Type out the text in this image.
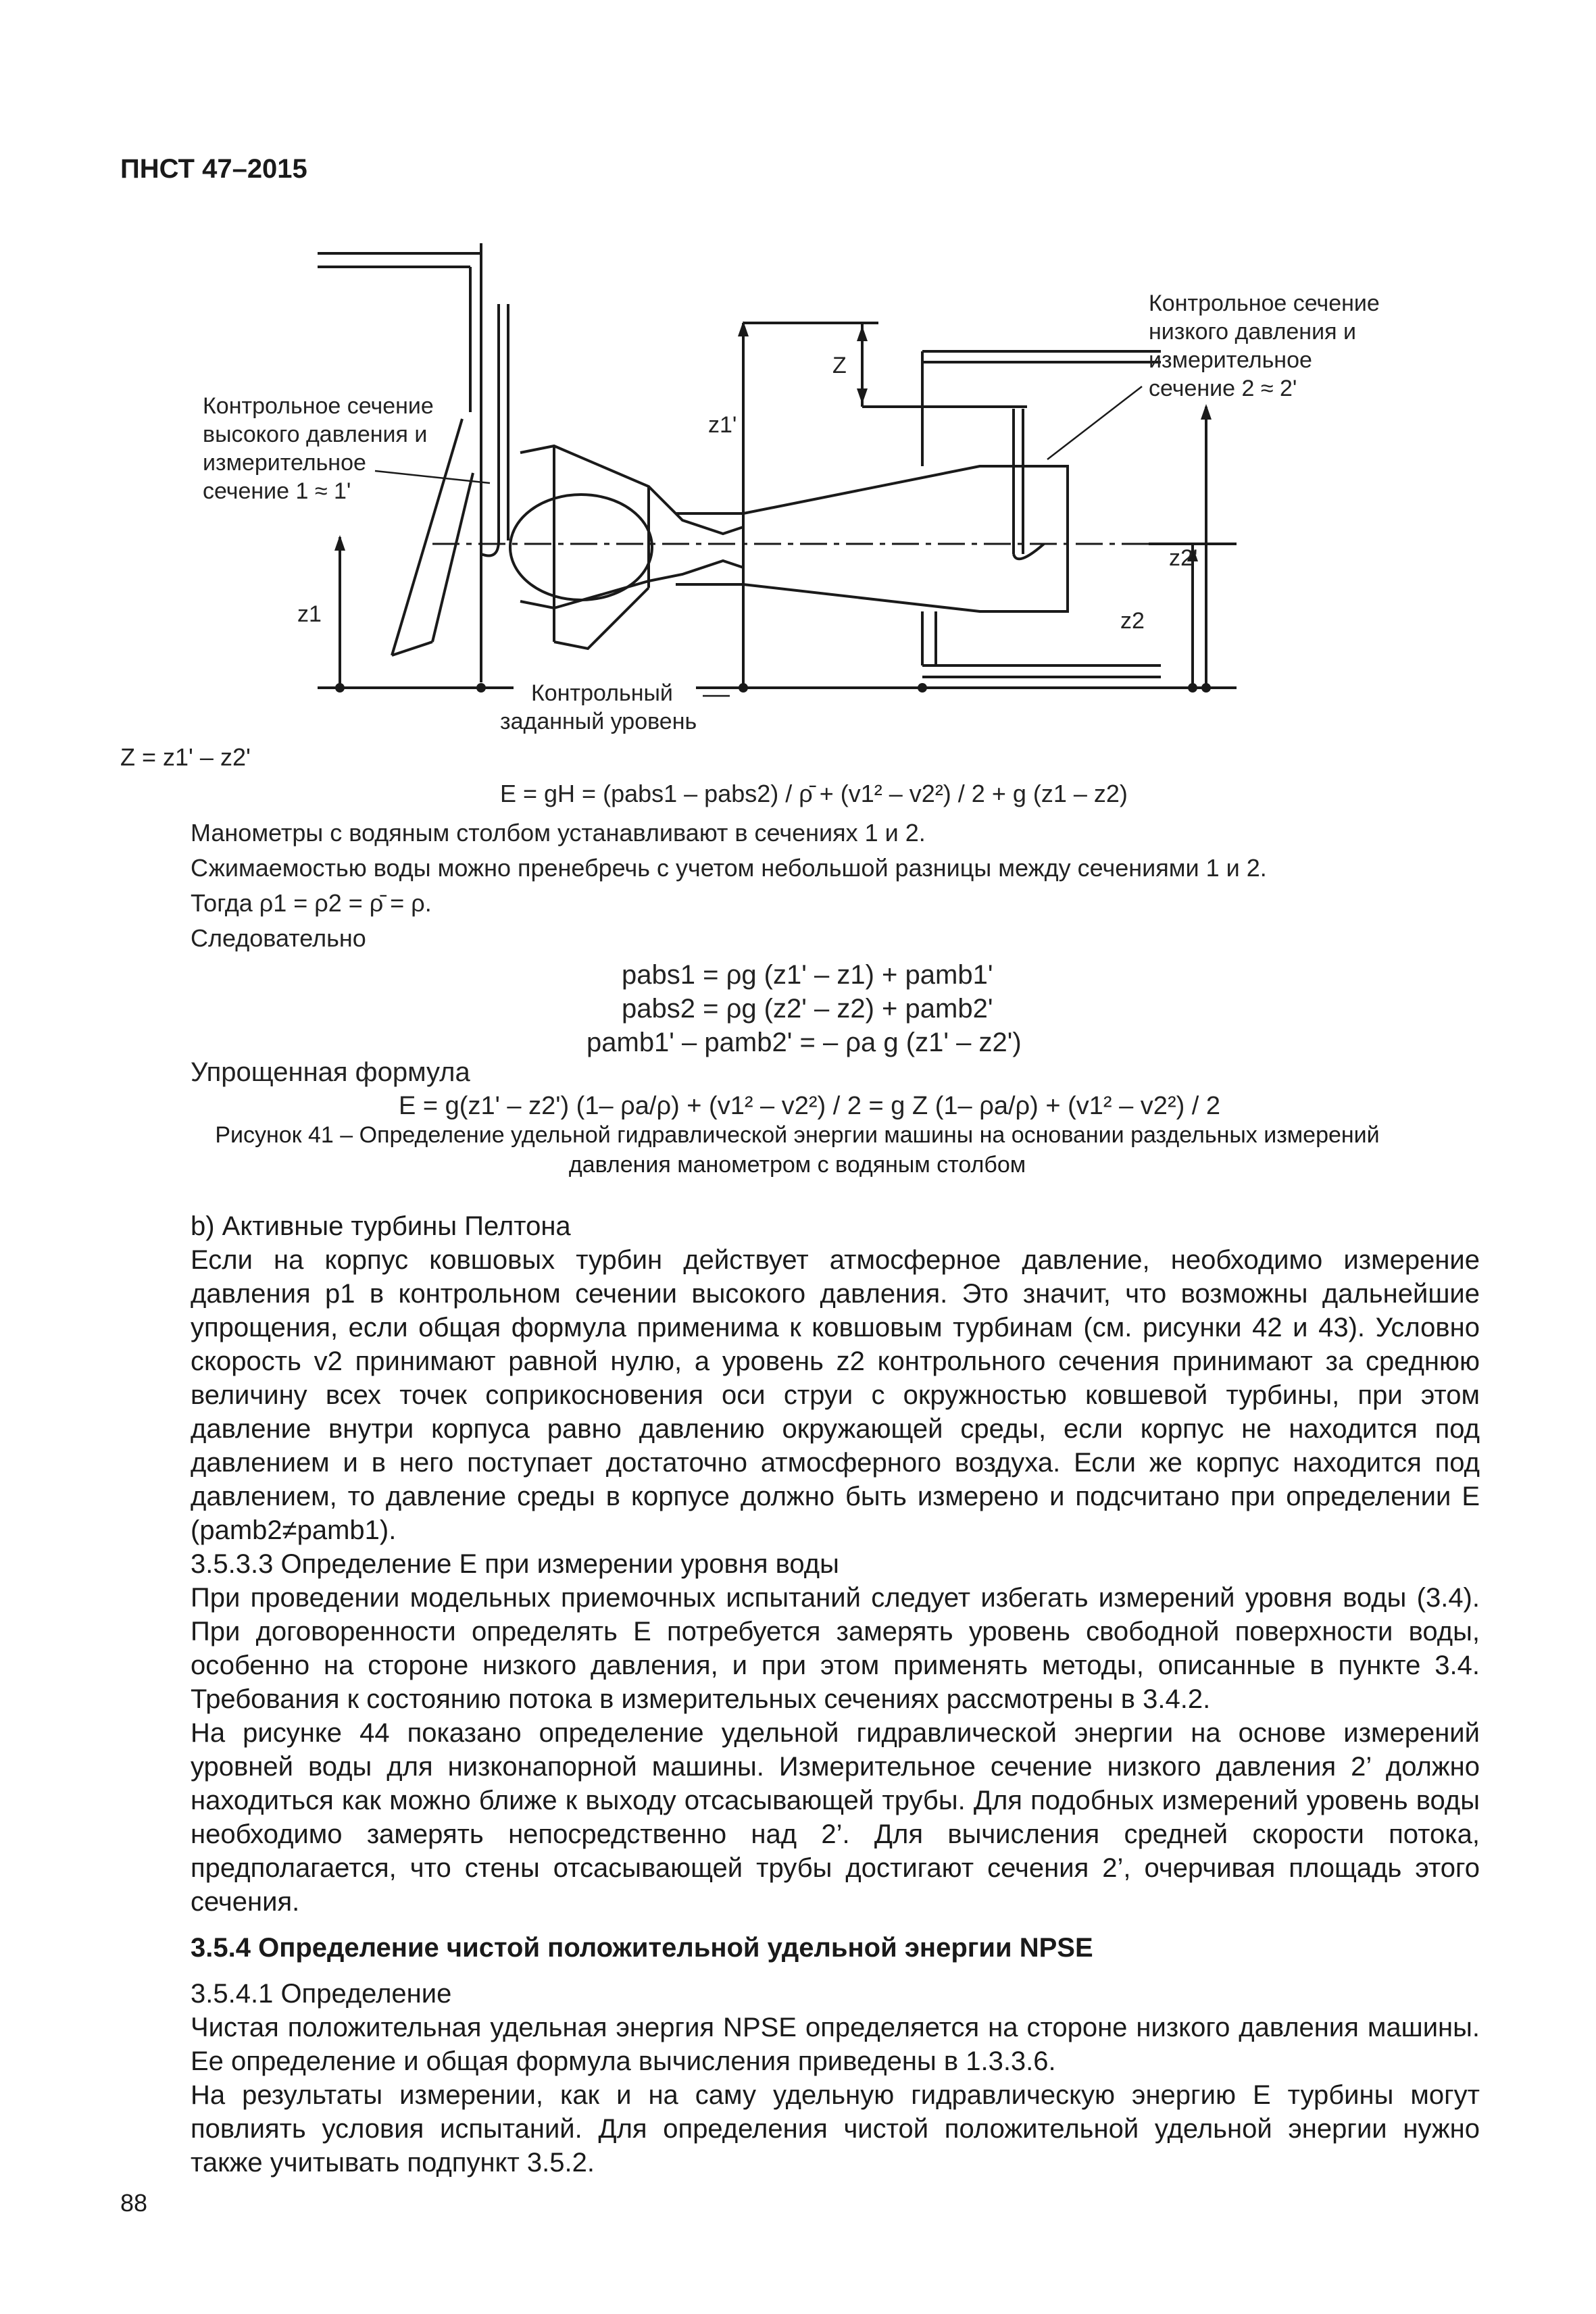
ПНСТ 47–2015
Контрольное сечение
высокого давления и
измерительное
сечение 1 ≈ 1'
Контрольное сечение
низкого давления и
измерительное
сечение 2 ≈ 2'
Контрольный
заданный уровень
Z
z1
z1'
z2
z2'
Z = z1' – z2'
E = gH = (pabs1 – pabs2) / ρ̄ + (v1² – v2²) / 2 + g (z1 – z2)
Манометры с водяным столбом устанавливают в сечениях 1 и 2.
Сжимаемостью воды можно пренебречь с учетом небольшой разницы между сечениями 1 и 2.
Тогда ρ1 = ρ2 = ρ̄ = ρ.
Следовательно
pabs1 = ρg (z1' – z1) + pamb1'
pabs2 = ρg (z2' – z2) + pamb2'
pamb1' – pamb2' = – ρa g (z1' – z2')
Упрощенная формула
E = g(z1' – z2') (1– ρa/ρ) + (v1² – v2²) / 2 = g Z (1– ρa/ρ) + (v1² – v2²) / 2
Рисунок 41 – Определение удельной гидравлической энергии машины на основании раздельных измерений
давления манометром с водяным столбом

b) Активные турбины Пелтона

Если на корпус ковшовых турбин действует атмосферное давление, необходимо измерение давления p1 в контрольном сечении высокого давления. Это значит, что возможны дальнейшие упрощения, если общая формула применима к ковшовым турбинам (см. рисунки 42 и 43). Условно скорость v2 принимают равной нулю, а уровень z2 контрольного сечения принимают за среднюю величину всех точек соприкосновения оси струи с окружностью ковшевой турбины, при этом давление внутри корпуса равно давлению окружающей среды, если корпус не находится под давлением и в него поступает достаточно атмосферного воздуха. Если же корпус находится под давлением, то давление среды в корпусе должно быть измерено и подсчитано при определении E (pamb2≠pamb1).

3.5.3.3 Определение E при измерении уровня воды

При проведении модельных приемочных испытаний следует избегать измерений уровня воды (3.4). При договоренности определять E потребуется замерять уровень свободной поверхности воды, особенно на стороне низкого давления, и при этом применять методы, описанные в пункте 3.4. Требования к состоянию потока в измерительных сечениях рассмотрены в 3.4.2.

На рисунке 44 показано определение удельной гидравлической энергии на основе измерений уровней воды для низконапорной машины. Измерительное сечение низкого давления 2’ должно находиться как можно ближе к выходу отсасывающей трубы. Для подобных измерений уровень воды необходимо замерять непосредственно над 2’. Для вычисления средней скорости потока, предполагается, что стены отсасывающей трубы достигают сечения 2’, очерчивая площадь этого сечения.

3.5.4 Определение чистой положительной удельной энергии NPSE

3.5.4.1 Определение

Чистая положительная удельная энергия NPSE определяется на стороне низкого давления машины. Ее определение и общая формула вычисления приведены в 1.3.3.6.

На результаты измерении, как и на саму удельную гидравлическую энергию E турбины могут повлиять условия испытаний. Для определения чистой положительной удельной энергии нужно также учитывать подпункт 3.5.2.

88
